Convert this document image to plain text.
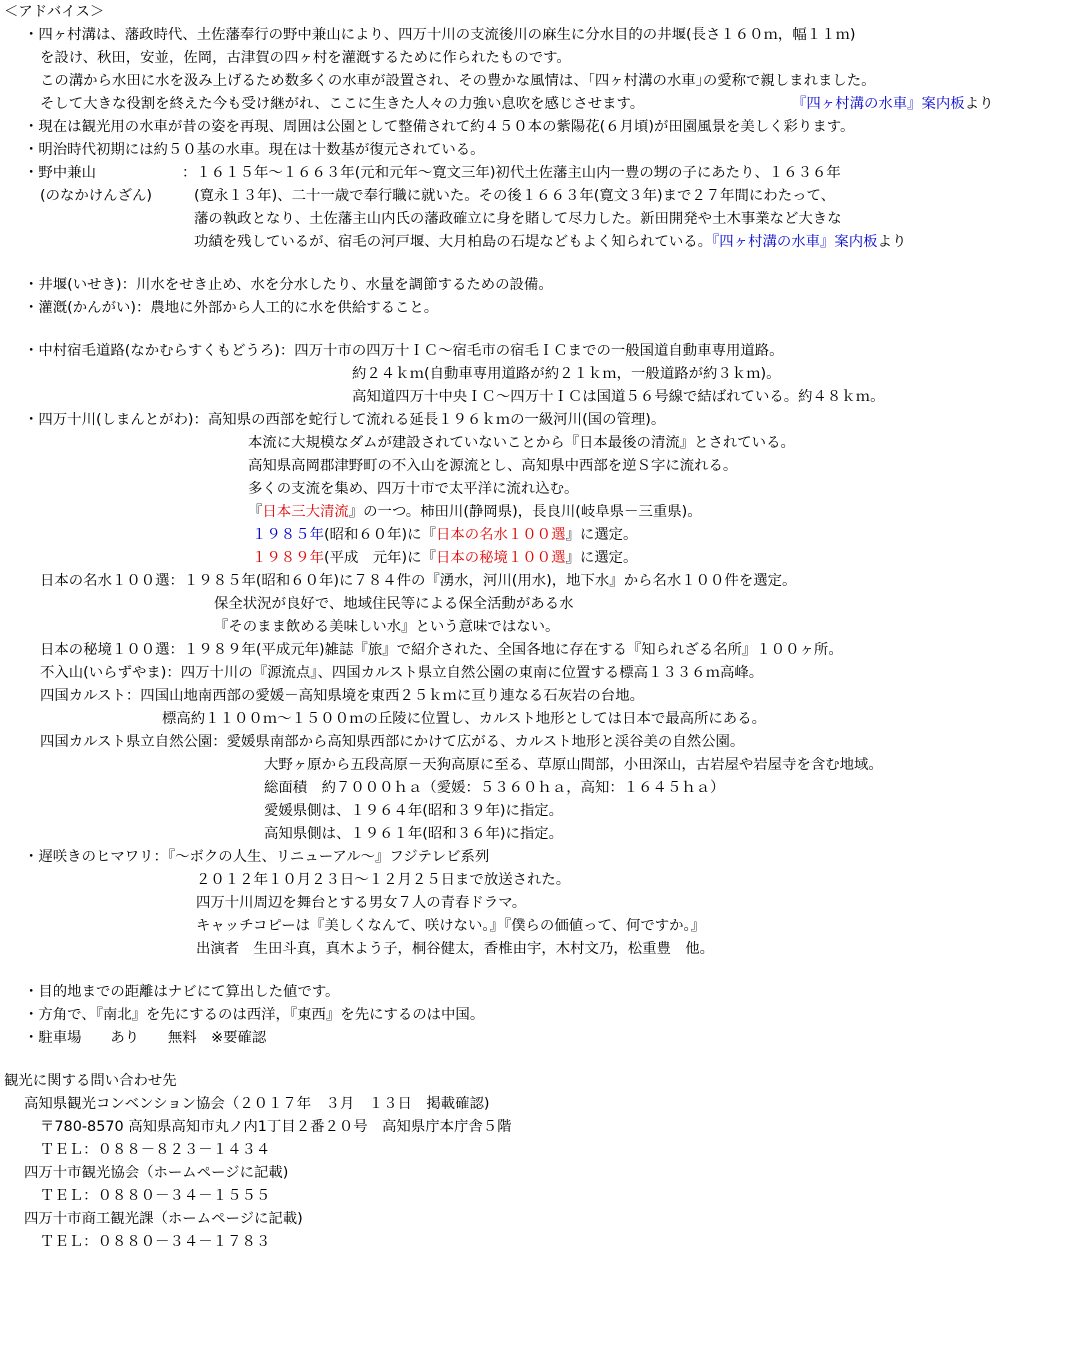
＜アドバイス＞
・四ヶ村溝は、藩政時代、土佐藩奉行の野中兼山により、四万十川の支流後川の麻生に分水目的の井堰(長さ１６０ｍ，幅１１ｍ)
を設け、秋田，安並，佐岡，古津賀の四ヶ村を灌漑するために作られたものです。
この溝から水田に水を汲み上げるため数多くの水車が設置され、その豊かな風情は、｢四ヶ村溝の水車｣の愛称で親しまれました。
そして大きな役割を終えた今も受け継がれ、ここに生きた人々の力強い息吹を感じさせます。	『四ヶ村溝の水車』案内板より
・現在は観光用の水車が昔の姿を再現、周囲は公園として整備されて約４５０本の紫陽花(６月頃)が田園風景を美しく彩ります。
・明治時代初期には約５０基の水車。現在は十数基が復元されている。
・野中兼山	：１６１５年～１６６３年(元和元年～寛文三年)初代土佐藩主山内一豊の甥の子にあたり、１６３６年
(のなかけんざん)	(寛永１３年)、二十一歳で奉行職に就いた。その後１６６３年(寛文３年)まで２７年間にわたって、
藩の執政となり、土佐藩主山内氏の藩政確立に身を賭して尽力した。新田開発や土木事業など大きな
功績を残しているが、宿毛の河戸堰、大月柏島の石堤などもよく知られている。『四ヶ村溝の水車』案内板より
・井堰(いせき)：川水をせき止め、水を分水したり、水量を調節するための設備。
・灌漑(かんがい)：農地に外部から人工的に水を供給すること。
・中村宿毛道路(なかむらすくもどうろ)：四万十市の四万十ＩＣ～宿毛市の宿毛ＩＣまでの一般国道自動車専用道路。
約２４ｋｍ(自動車専用道路が約２１ｋｍ，一般道路が約３ｋｍ)。
高知道四万十中央ＩＣ～四万十ＩＣは国道５６号線で結ばれている。約４８ｋｍ。
・四万十川(しまんとがわ)：高知県の西部を蛇行して流れる延長１９６ｋｍの一級河川(国の管理)。
本流に大規模なダムが建設されていないことから『日本最後の清流』とされている。
高知県高岡郡津野町の不入山を源流とし、高知県中西部を逆Ｓ字に流れる。
多くの支流を集め、四万十市で太平洋に流れ込む。
『日本三大清流』の一つ。柿田川(静岡県)，長良川(岐阜県－三重県)。
１９８５年(昭和６０年)に『日本の名水１００選』に選定。
１９８９年(平成　元年)に『日本の秘境１００選』に選定。
日本の名水１００選：１９８５年(昭和６０年)に７８４件の『湧水，河川(用水)，地下水』から名水１００件を選定。
保全状況が良好で、地域住民等による保全活動がある水
『そのまま飲める美味しい水』という意味ではない。
日本の秘境１００選：１９８９年(平成元年)雑誌『旅』で紹介された、全国各地に存在する『知られざる名所』１００ヶ所。
不入山(いらずやま)：四万十川の『源流点』、四国カルスト県立自然公園の東南に位置する標高１３３６ｍ高峰。
四国カルスト：四国山地南西部の愛媛－高知県境を東西２５ｋｍに亘り連なる石灰岩の台地。
標高約１１００ｍ～１５００ｍの丘陵に位置し、カルスト地形としては日本で最高所にある。
四国カルスト県立自然公園：愛媛県南部から高知県西部にかけて広がる、カルスト地形と渓谷美の自然公園。
大野ヶ原から五段高原－天狗高原に至る、草原山間部，小田深山，古岩屋や岩屋寺を含む地域。
総面積　約７０００ｈａ（愛媛：５３６０ｈａ，高知：１６４５ｈａ）
愛媛県側は、１９６４年(昭和３９年)に指定。
高知県側は、１９６１年(昭和３６年)に指定。
・遅咲きのヒマワリ：『～ボクの人生、リニューアル～』フジテレビ系列
２０１２年１０月２３日～１２月２５日まで放送された。
四万十川周辺を舞台とする男女７人の青春ドラマ。
キャッチコピーは『美しくなんて、咲けない。』『僕らの価値って、何ですか。』
出演者　生田斗真，真木よう子，桐谷健太，香椎由宇，木村文乃，松重豊　他。
・目的地までの距離はナビにて算出した値です。
・方角で、『南北』を先にするのは西洋，『東西』を先にするのは中国。
・駐車場　　あり　　無料　※要確認
観光に関する問い合わせ先
高知県観光コンベンション協会（２０１７年　３月　１３日　掲載確認)
〒780-8570 高知県高知市丸ノ内1丁目２番２０号　高知県庁本庁舎５階
ＴＥＬ：０８８－８２３－１４３４
四万十市観光協会（ホームページに記載)
ＴＥＬ：０８８０－３４－１５５５
四万十市商工観光課（ホームページに記載)
ＴＥＬ：０８８０－３４－１７８３
